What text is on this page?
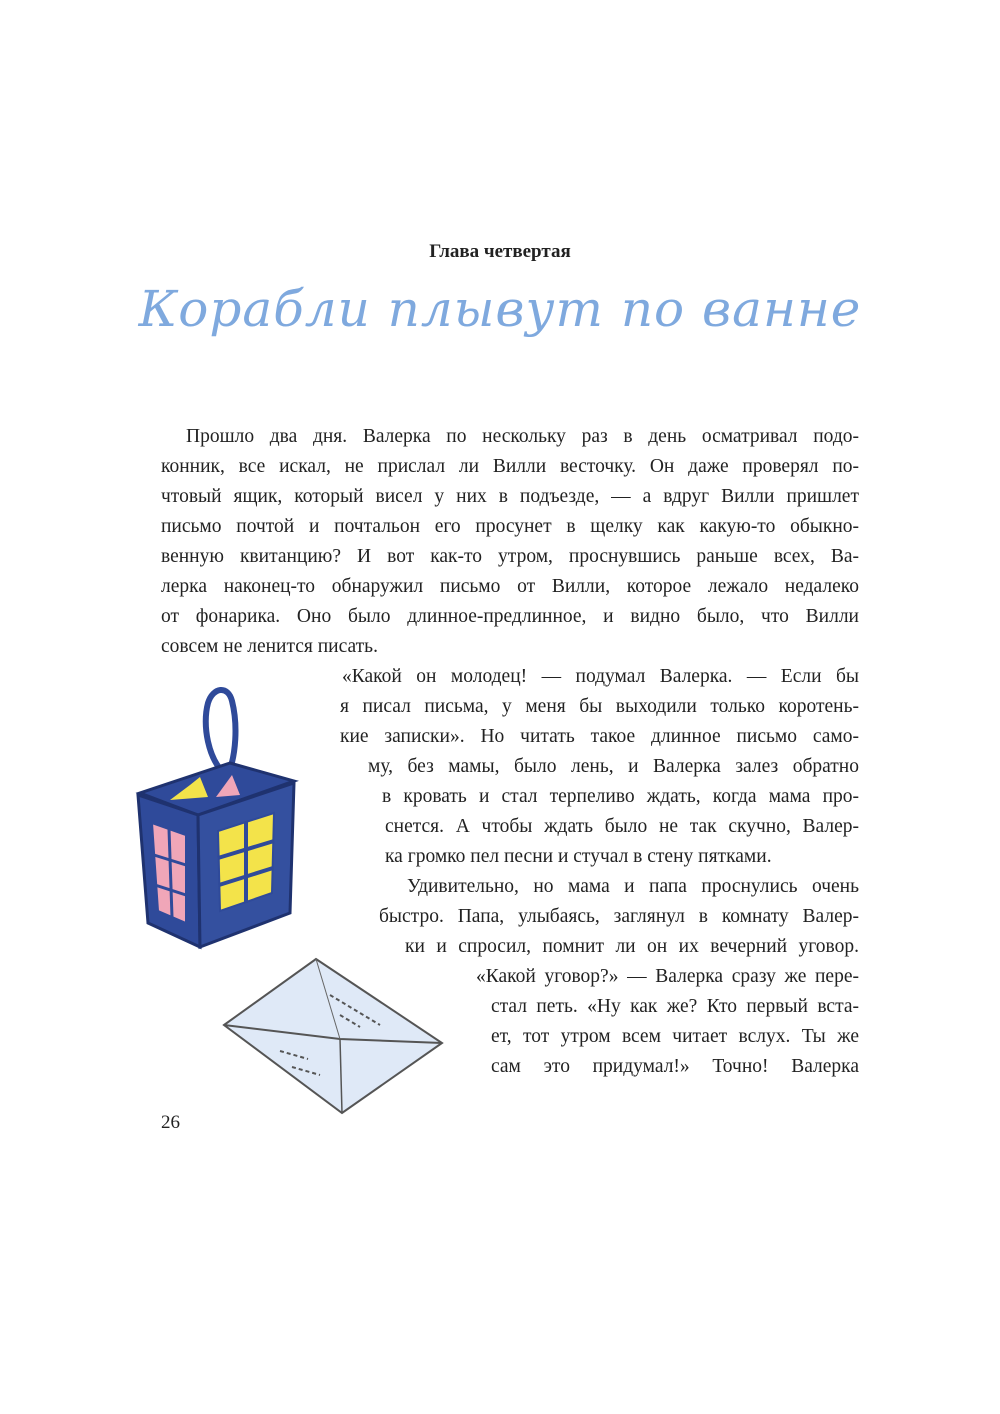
Глава четвертая
Корабли плывут по ванне
Прошло два дня. Валерка по нескольку раз в день осматривал подо-
конник, все искал, не прислал ли Вилли весточку. Он даже проверял по-
чтовый ящик, который висел у них в подъезде, — а вдруг Вилли пришлет
письмо почтой и почтальон его просунет в щелку как какую-то обыкно-
венную квитанцию? И вот как-то утром, проснувшись раньше всех, Ва-
лерка наконец-то обнаружил письмо от Вилли, которое лежало недалеко
от фонарика. Оно было длинное-предлинное, и видно было, что Вилли
совсем не ленится писать.
«Какой он молодец! — подумал Валерка. — Если бы
я писал письма, у меня бы выходили только коротень-
кие записки». Но читать такое длинное письмо само-
му, без мамы, было лень, и Валерка залез обратно
в кровать и стал терпеливо ждать, когда мама про-
снется. А чтобы ждать было не так скучно, Валер-
ка громко пел песни и стучал в стену пятками.
Удивительно, но мама и папа проснулись очень
быстро. Папа, улыбаясь, заглянул в комнату Валер-
ки и спросил, помнит ли он их вечерний уговор.
«Какой уговор?» — Валерка сразу же пере-
стал петь. «Ну как же? Кто первый вста-
ет, тот утром всем читает вслух. Ты же
сам это придумал!» Точно! Валерка
26
